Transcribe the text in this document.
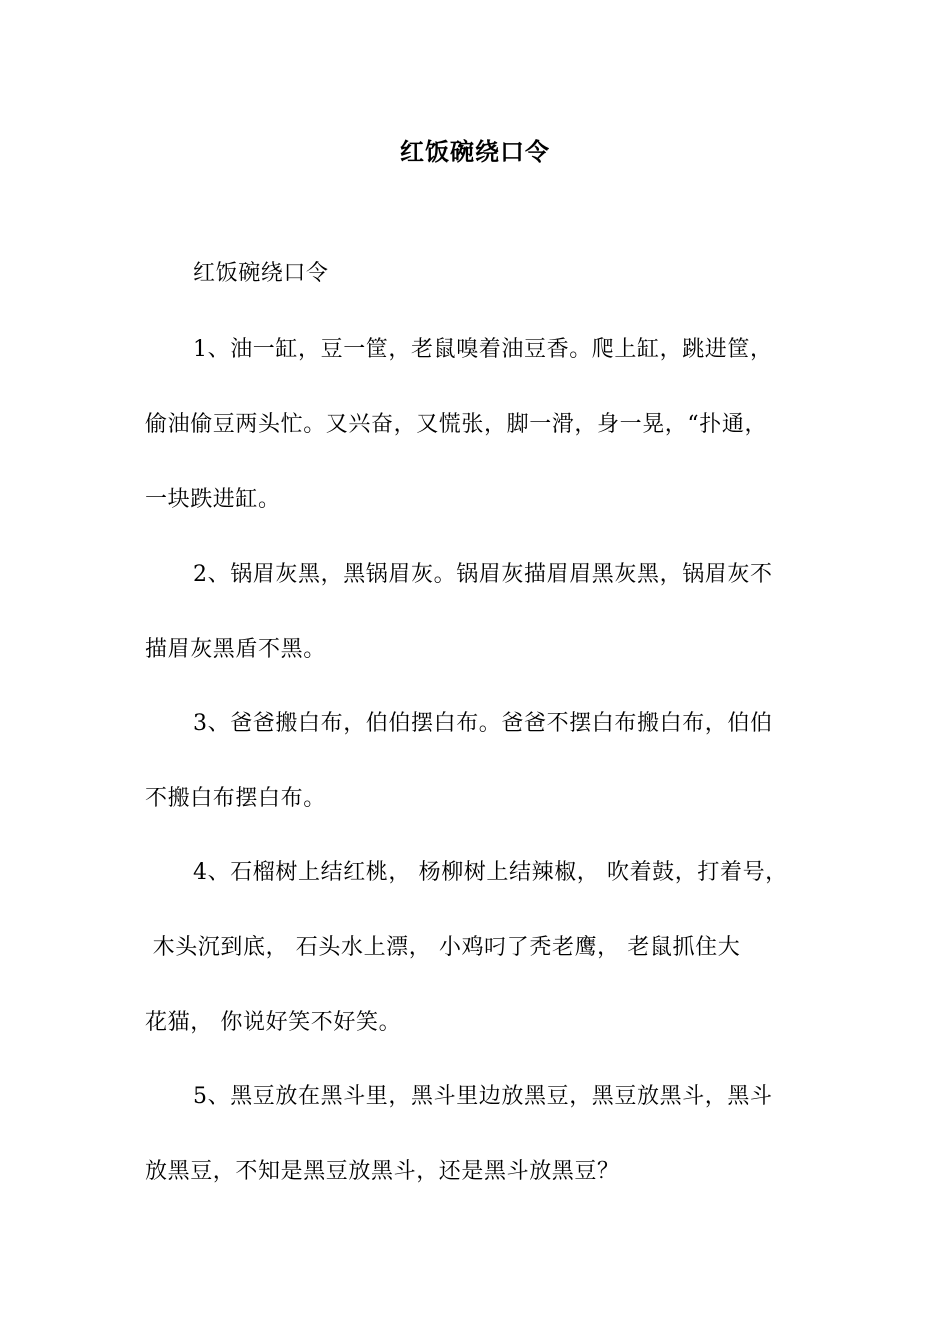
红饭碗绕口令
红饭碗绕口令
1、油一缸，豆一筐，老鼠嗅着油豆香。爬上缸，跳进筐，
偷油偷豆两头忙。又兴奋，又慌张，脚一滑，身一晃，“扑通，
一块跌进缸。
2、锅眉灰黑，黑锅眉灰。锅眉灰描眉眉黑灰黑，锅眉灰不
描眉灰黑盾不黑。
3、爸爸搬白布，伯伯摆白布。爸爸不摆白布搬白布，伯伯
不搬白布摆白布。
4、石榴树上结红桃， 杨柳树上结辣椒， 吹着鼓，打着号，
木头沉到底， 石头水上漂， 小鸡叼了秃老鹰， 老鼠抓住大
花猫， 你说好笑不好笑。
5、黑豆放在黑斗里，黑斗里边放黑豆，黑豆放黑斗，黑斗
放黑豆，不知是黑豆放黑斗，还是黑斗放黑豆？
